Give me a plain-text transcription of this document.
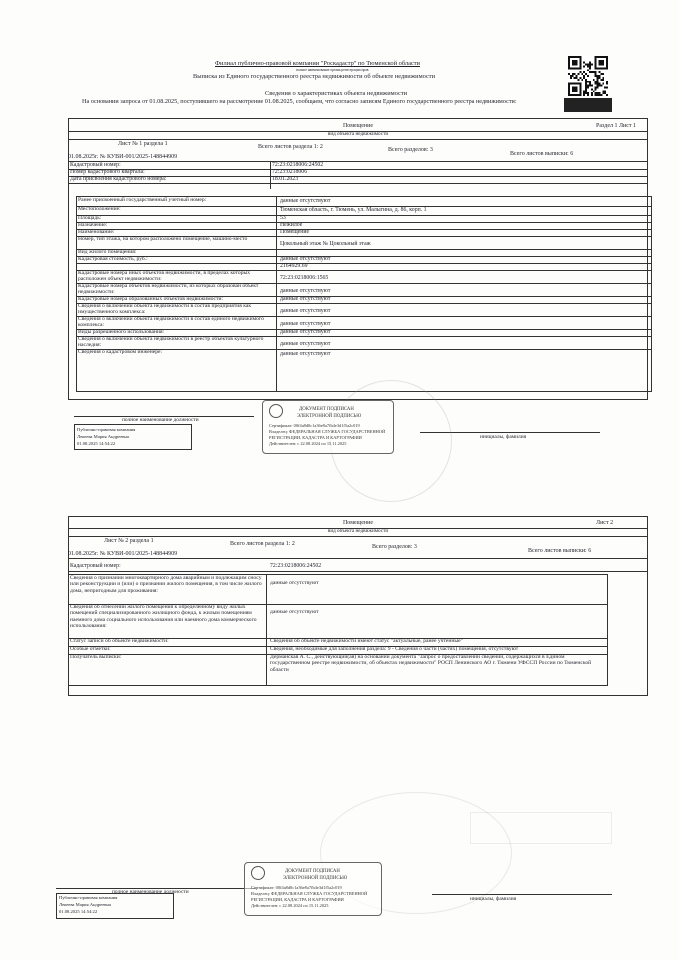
Филиал публично-правовой компании "Роскадастр" по Тюменской области
полное наименование органа регистрации прав
Выписка из Единого государственного реестра недвижимости об объекте недвижимости
Сведения о характеристиках объекта недвижимости
На основании запроса от 01.08.2025, поступившего на рассмотрение 01.08.2025, сообщаем, что согласно записям Единого государственного реестра недвижимости:
Помещение	Раздел 1 Лист 1
вид объекта недвижимости
Лист № 1 раздела 1	Всего листов раздела 1: 2	Всего разделов: 3
Всего листов выписки: 6
01.08.2025г. № КУВИ-001/2025-148844909
Кадастровый номер:	72:23:0218006:24502
Номер кадастрового квартала:	72:23:0218006
Дата присвоения кадастрового номера:	18.01.2023
Ранее присвоенный государственный учетный номер:	данные отсутствуют
Местоположение:	Тюменская область, г. Тюмень, ул. Малыгина, д. 86, корп. 1
Площадь:	53
Назначение:	Нежилое
Наименование:	Помещение
Номер, тип этажа, на котором расположено помещение, машино-место
Цокольный этаж № Цокольный этаж
Вид жилого помещения:
Кадастровая стоимость, руб.:	данные отсутствуют
2164929.69
Кадастровые номера иных объектов недвижимости, в пределах которых расположен объект недвижимости:	72:23:0218006:1565
Кадастровые номера объектов недвижимости, из которых образован объект недвижимости:	данные отсутствуют
Кадастровые номера образованных объектов недвижимости:	данные отсутствуют
Сведения о включении объекта недвижимости в состав предприятия как имущественного комплекса:	данные отсутствуют
Сведения о включении объекта недвижимости в состав единого недвижимого комплекса:	данные отсутствуют
Виды разрешенного использования:	данные отсутствуют
Сведения о включении объекта недвижимости в реестр объектов культурного наследия:	данные отсутствуют
Сведения о кадастровом инженере:	данные отсутствуют
полное наименование должности
Публично-правовая компания
Лекеева Мария Андреевна
01.08.2025 14:54:22
инициалы, фамилия
ДОКУМЕНТ ПОДПИСАН
ЭЛЕКТРОННОЙ ПОДПИСЬЮ
Сертификат: 00f4a8d0c1a36e8a7fb4e3d1f5a2c019
Владелец: ФЕДЕРАЛЬНАЯ СЛУЖБА ГОСУДАРСТВЕННОЙ
РЕГИСТРАЦИИ, КАДАСТРА И КАРТОГРАФИИ
Действителен: с 22.08.2024 по 15.11.2025
Помещение	Лист 2
вид объекта недвижимости
Лист № 2 раздела 1	Всего листов раздела 1: 2	Всего разделов: 3
Всего листов выписки: 6
01.08.2025г. № КУВИ-001/2025-148844909
Кадастровый номер:	72:23:0218006:24502
Сведения о признании многоквартирного дома аварийным и подлежащим сносу или реконструкции и (или) о признании жилого помещения, в том числе жилого дома, непригодным для проживания:
данные отсутствуют
Сведения об отнесении жилого помещения к определенному виду жилых помещений специализированного жилищного фонда, к жилым помещениям наемного дома социального использования или наемного дома коммерческого использования:
данные отсутствуют
Статус записи об объекте недвижимости:	Сведения об объекте недвижимости имеют статус "актуальные, ранее учтенные"
Особые отметки:	Сведения, необходимые для заполнения раздела: 9 - Сведения о части (частях) помещения, отсутствуют
Получатель выписки:	Дерманская А. С., действующий(ая) на основании документа "Запрос о предоставлении сведений, содержащихся в Едином государственном реестре недвижимости, об объектах недвижимости" РОСП Ленинского АО г. Тюмени УФССП России по Тюменской области
полное наименование должности
Публично-правовая компания
Лекеева Мария Андреевна
01.08.2025 14:54:22
инициалы, фамилия
ДОКУМЕНТ ПОДПИСАН
ЭЛЕКТРОННОЙ ПОДПИСЬЮ
Сертификат: 00f4a8d0c1a36e8a7fb4e3d1f5a2c019
Владелец: ФЕДЕРАЛЬНАЯ СЛУЖБА ГОСУДАРСТВЕННОЙ
РЕГИСТРАЦИИ, КАДАСТРА И КАРТОГРАФИИ
Действителен: с 22.08.2024 по 15.11.2025
